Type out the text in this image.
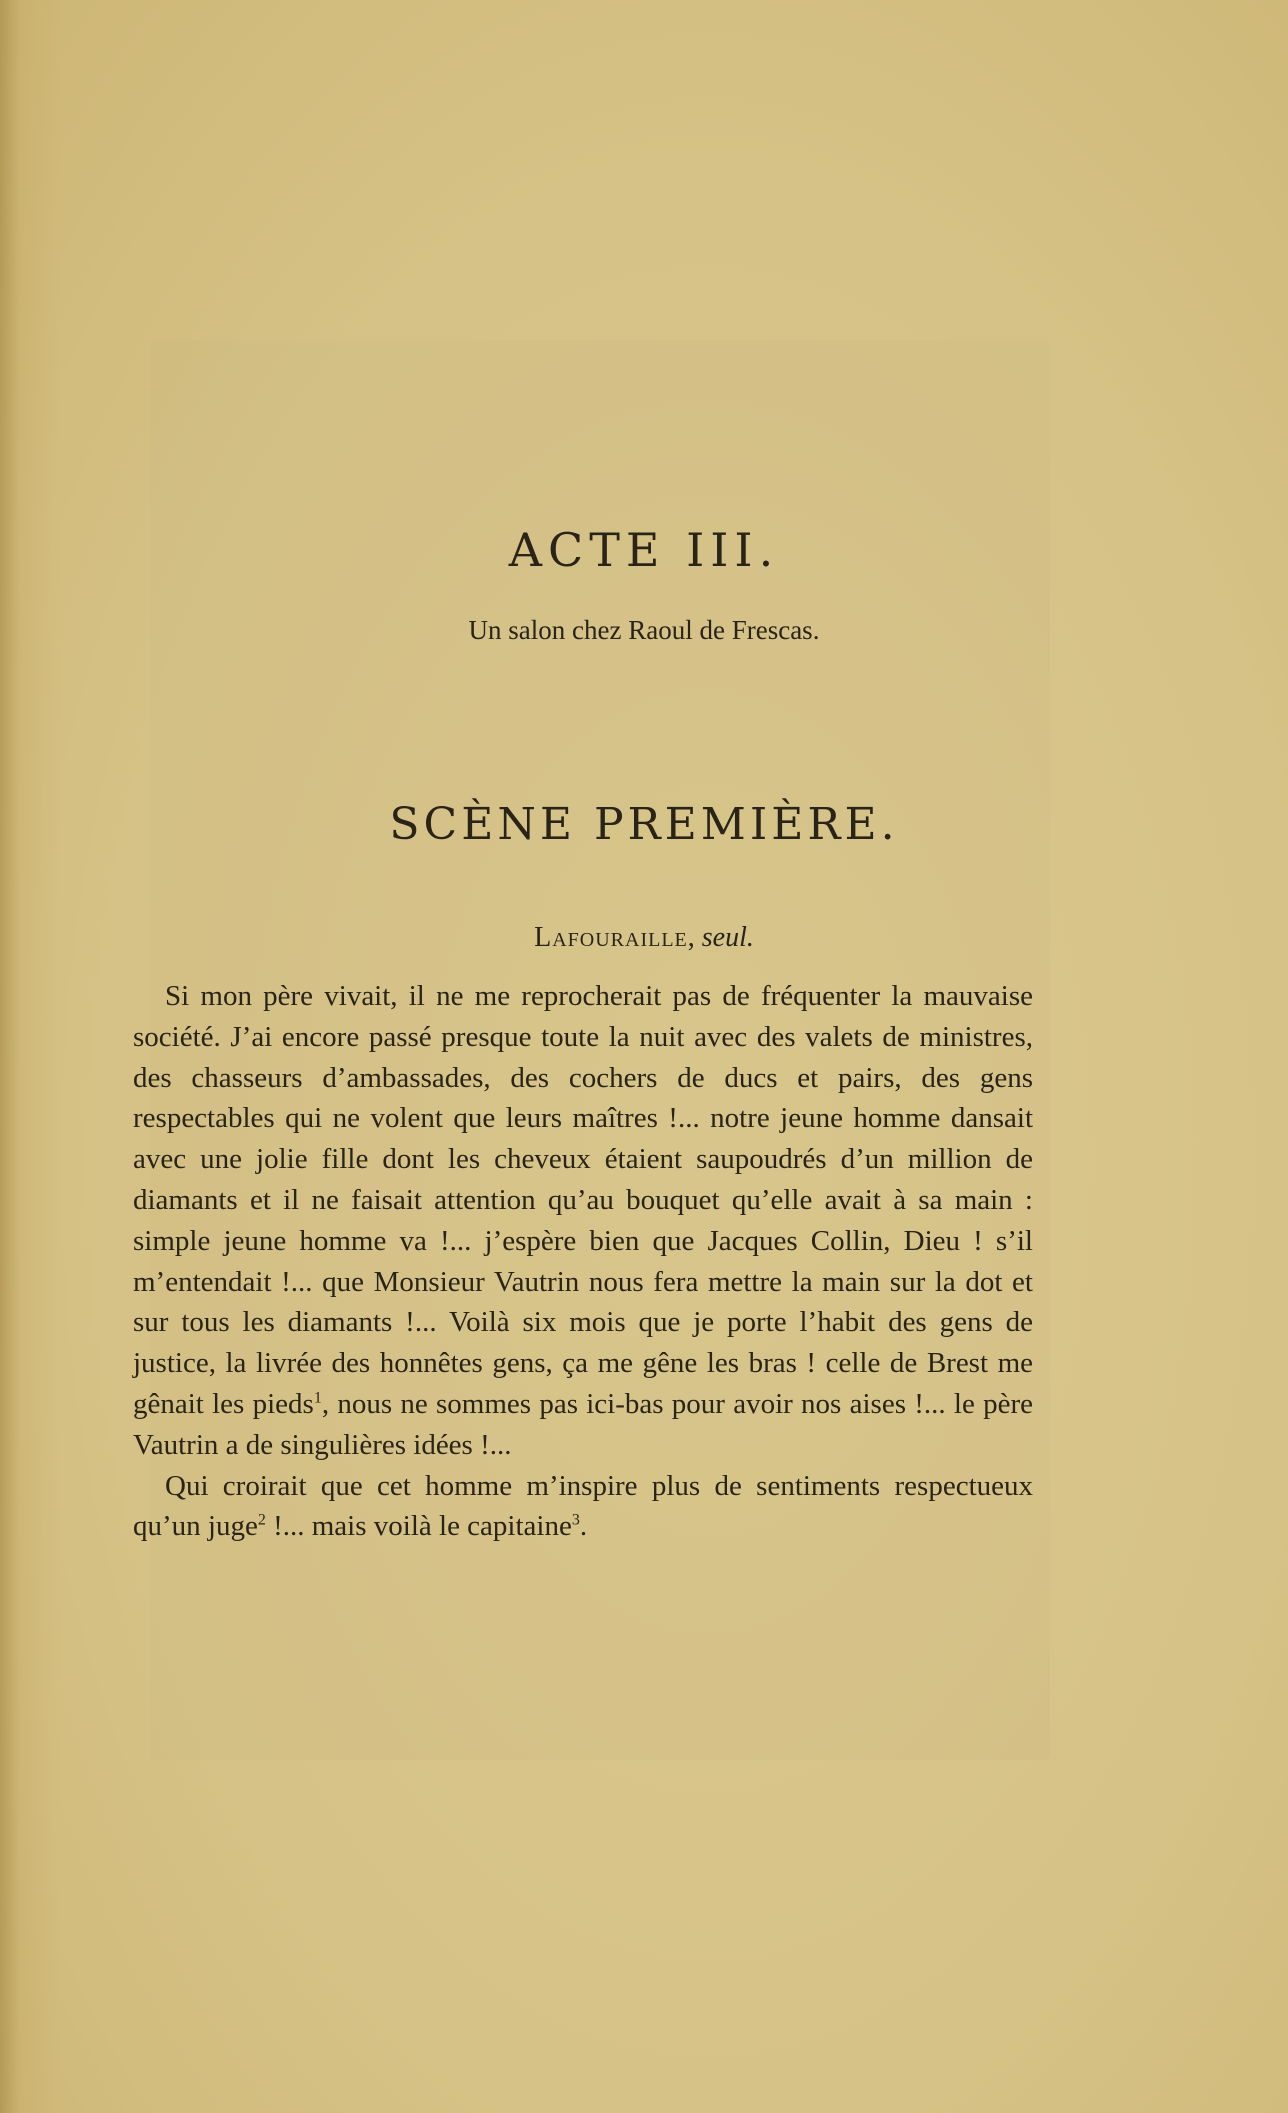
ACTE III.
Un salon chez Raoul de Frescas.
SCÈNE PREMIÈRE.
Lafouraille, seul.

Si mon père vivait, il ne me reprocherait pas de fréquenter la mauvaise société. J’ai encore passé presque toute la nuit avec des valets de ministres, des chasseurs d’ambassades, des cochers de ducs et pairs, des gens respectables qui ne volent que leurs maîtres !... notre jeune homme dansait avec une jolie fille dont les cheveux étaient saupoudrés d’un million de diamants et il ne faisait attention qu’au bouquet qu’elle avait à sa main : simple jeune homme va !... j’espère bien que Jacques Collin, Dieu ! s’il m’entendait !... que Monsieur Vautrin nous fera mettre la main sur la dot et sur tous les diamants !... Voilà six mois que je porte l’habit des gens de justice, la livrée des honnêtes gens, ça me gêne les bras ! celle de Brest me gênait les pieds$^1$, nous ne sommes pas ici-bas pour avoir nos aises !... le père Vautrin a de singulières idées !...

Qui croirait que cet homme m’inspire plus de sentiments respectueux qu’un juge$^2$ !... mais voilà le capitaine$^3$.
